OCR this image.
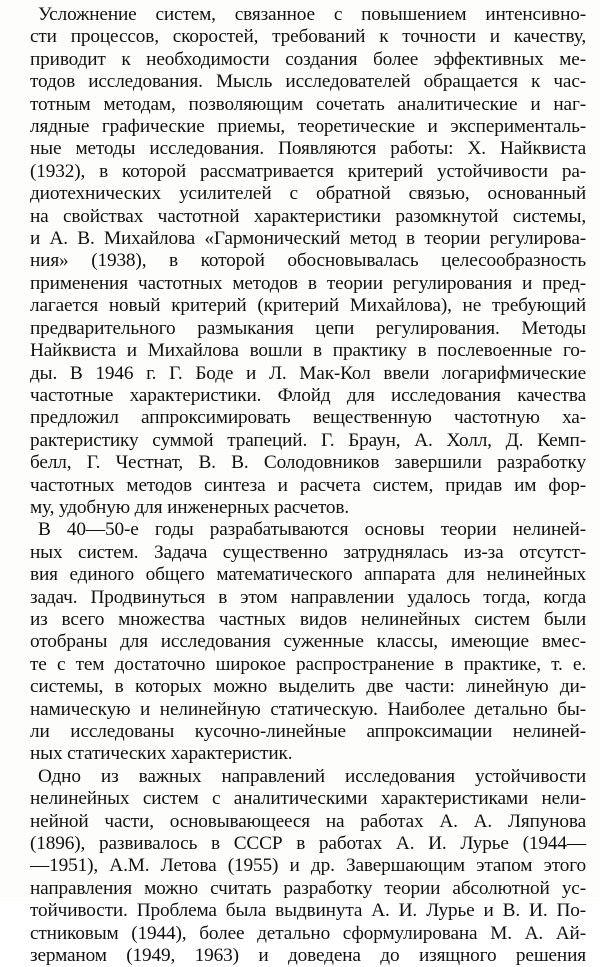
Усложнение систем, связанное с повышением интенсивно-
сти процессов, скоростей, требований к точности и качеству,
приводит к необходимости создания более эффективных ме-
тодов исследования. Мысль исследователей обращается к час-
тотным методам, позволяющим сочетать аналитические и наг-
лядные графические приемы, теоретические и эксперименталь-
ные методы исследования. Появляются работы: X. Найквиста
(1932), в которой рассматривается критерий устойчивости ра-
диотехнических усилителей с обратной связью, основанный
на свойствах частотной характеристики разомкнутой системы,
и А. В. Михайлова «Гармонический метод в теории регулирова-
ния» (1938), в которой обосновывалась целесообразность
применения частотных методов в теории регулирования и пред-
лагается новый критерий (критерий Михайлова), не требующий
предварительного размыкания цепи регулирования. Методы
Найквиста и Михайлова вошли в практику в послевоенные го-
ды. В 1946 г. Г. Боде и Л. Мак-Кол ввели логарифмические
частотные характеристики. Флойд для исследования качества
предложил аппроксимировать вещественную частотную ха-
рактеристику суммой трапеций. Г. Браун, А. Холл, Д. Кемп-
белл, Г. Честнат, В. В. Солодовников завершили разработку
частотных методов синтеза и расчета систем, придав им фор-
му, удобную для инженерных расчетов.
В 40—50-е годы разрабатываются основы теории нелиней-
ных систем. Задача существенно затруднялась из-за отсутст-
вия единого общего математического аппарата для нелинейных
задач. Продвинуться в этом направлении удалось тогда, когда
из всего множества частных видов нелинейных систем были
отобраны для исследования суженные классы, имеющие вмес-
те с тем достаточно широкое распространение в практике, т. е.
системы, в которых можно выделить две части: линейную ди-
намическую и нелинейную статическую. Наиболее детально бы-
ли исследованы кусочно-линейные аппроксимации нелиней-
ных статических характеристик.
Одно из важных направлений исследования устойчивости
нелинейных систем с аналитическими характеристиками нели-
нейной части, основывающееся на работах А. А. Ляпунова
(1896), развивалось в СССР в работах А. И. Лурье (1944—
—1951), А.М. Летова (1955) и др. Завершающим этапом этого
направления можно считать разработку теории абсолютной ус-
тойчивости. Проблема была выдвинута А. И. Лурье и В. И. По-
стниковым (1944), более детально сформулирована М. А. Ай-
зерманом (1949, 1963) и доведена до изящного решения
